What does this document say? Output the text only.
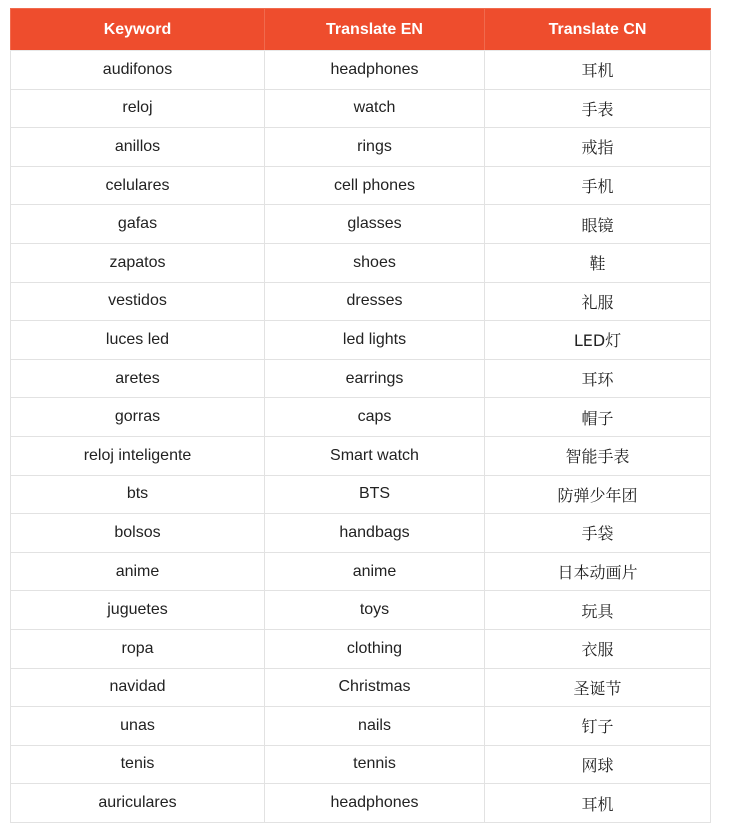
Keyword	Translate EN	Translate CN
audifonos	headphones	耳机
reloj	watch	手表
anillos	rings	戒指
celulares	cell phones	手机
gafas	glasses	眼镜
zapatos	shoes	鞋
vestidos	dresses	礼服
luces led	led lights	LED灯
aretes	earrings	耳环
gorras	caps	帽子
reloj inteligente	Smart watch	智能手表
bts	BTS	防弹少年团
bolsos	handbags	手袋
anime	anime	日本动画片
juguetes	toys	玩具
ropa	clothing	衣服
navidad	Christmas	圣诞节
unas	nails	钉子
tenis	tennis	网球
auriculares	headphones	耳机
